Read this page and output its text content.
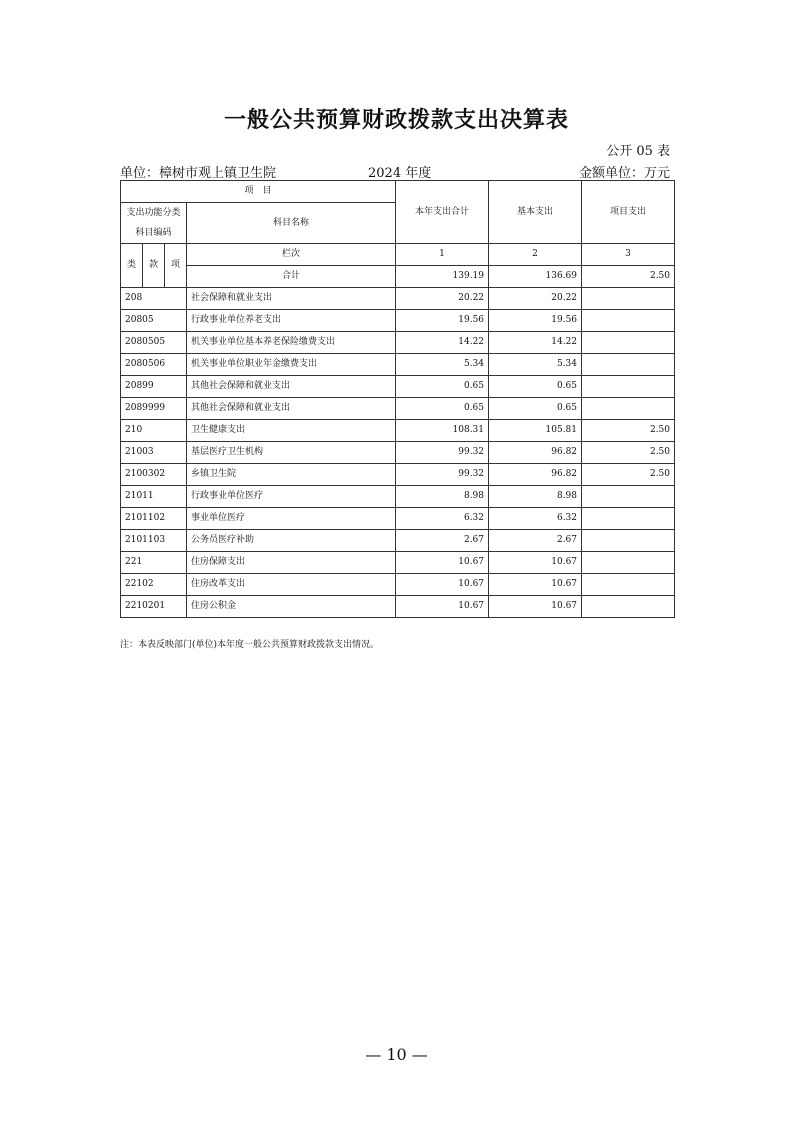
一般公共预算财政拨款支出决算表
公开 05 表
单位：樟树市观上镇卫生院	2024 年度	金额单位：万元
项　目				本年支出合计	基本支出	项目支出
支出功能分类科目编码			科目名称			
类	款	项	栏次	1	2	3
			合计	139.19	136.69	2.50
208			社会保障和就业支出	20.22	20.22	
20805			行政事业单位养老支出	19.56	19.56	
2080505			机关事业单位基本养老保险缴费支出	14.22	14.22	
2080506			机关事业单位职业年金缴费支出	5.34	5.34	
20899			其他社会保障和就业支出	0.65	0.65	
2089999			其他社会保障和就业支出	0.65	0.65	
210			卫生健康支出	108.31	105.81	2.50
21003			基层医疗卫生机构	99.32	96.82	2.50
2100302			乡镇卫生院	99.32	96.82	2.50
21011			行政事业单位医疗	8.98	8.98	
2101102			事业单位医疗	6.32	6.32	
2101103			公务员医疗补助	2.67	2.67	
221			住房保障支出	10.67	10.67	
22102			住房改革支出	10.67	10.67	
2210201			住房公积金	10.67	10.67	
注：本表反映部门(单位)本年度一般公共预算财政拨款支出情况。
— 10 —
